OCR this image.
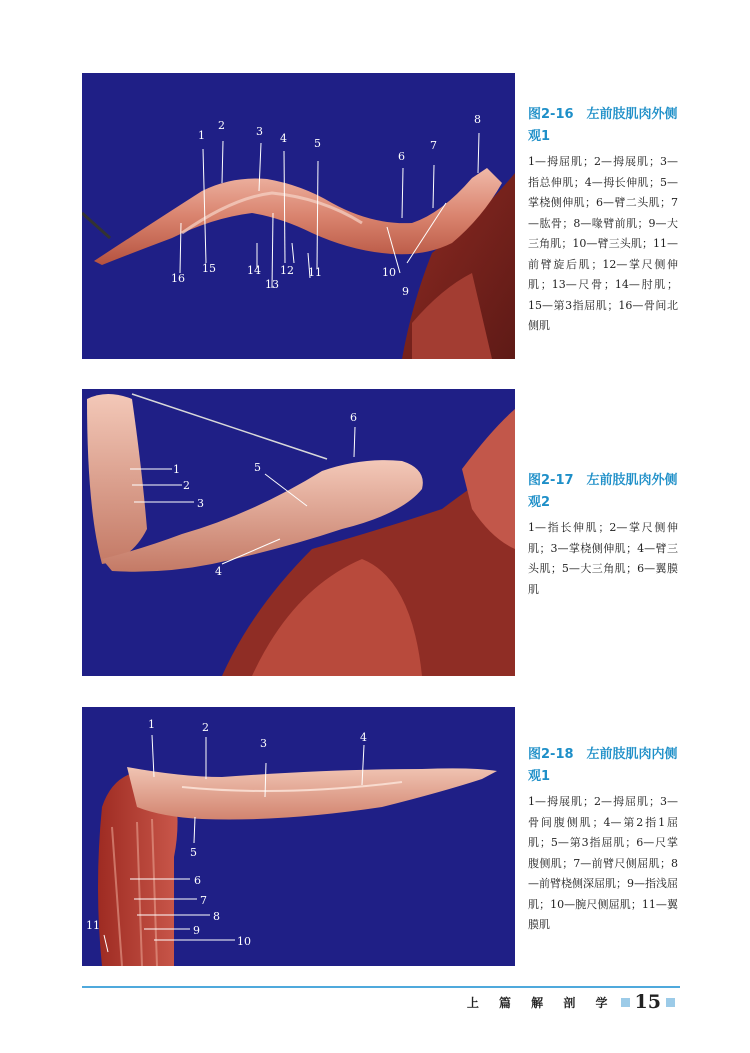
1
2	3
4 5
6
7
8
9
10
11
12
13
14
15
16
图2-16　左前肢肌肉外侧观1
1—拇屈肌；2—拇展肌；3—指总伸肌；4—拇长伸肌；5—掌桡侧伸肌；6—臂二头肌；7—肱骨；8—喙臂前肌；9—大三角肌；10—臂三头肌；11—前臂旋后肌；12—掌尺侧伸肌；13—尺骨；14—肘肌；15—第3指屈肌；16—骨间北侧肌
1
2
3
4
5
6
图2-17　左前肢肌肉外侧观2
1—指长伸肌；2—掌尺侧伸肌；3—掌桡侧伸肌；4—臂三头肌；5—大三角肌；6—翼膜肌
1	2
3	4
5
6
7
8
9
10
11
图2-18　左前肢肌肉内侧观1
1—拇展肌；2—拇屈肌；3—骨间腹侧肌；4—第2指1屈肌；5—第3指屈肌；6—尺掌腹侧肌；7—前臂尺侧屈肌；8—前臂桡侧深屈肌；9—指浅屈肌；10—腕尺侧屈肌；11—翼膜肌
上 篇 解 剖 学 15
